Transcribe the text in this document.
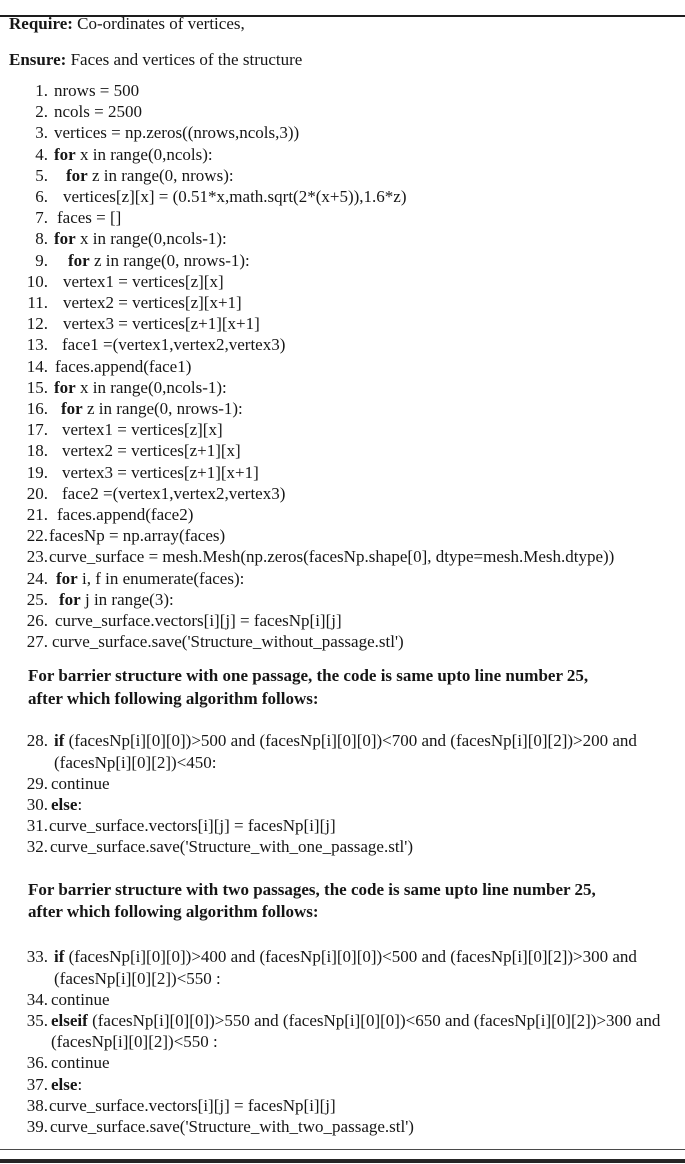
Require: Co-ordinates of vertices,

Ensure: Faces and vertices of the structure

1. nrows = 500
2. ncols = 2500
3. vertices = np.zeros((nrows,ncols,3))
4. for x in range(0,ncols):
5.	for z in range(0, nrows):
6. vertices[z][x] = (0.51*x,math.sqrt(2*(x+5)),1.6*z)
7. faces = []
8. for x in range(0,ncols-1):
9.	for z in range(0, nrows-1):
10. vertex1 = vertices[z][x]
11. vertex2 = vertices[z][x+1]
12. vertex3 = vertices[z+1][x+1]
13. face1 =(vertex1,vertex2,vertex3)
14. faces.append(face1)
15. for x in range(0,ncols-1):
16. for z in range(0, nrows-1):
17. vertex1 = vertices[z][x]
18. vertex2 = vertices[z+1][x]
19. vertex3 = vertices[z+1][x+1]
20. face2 =(vertex1,vertex2,vertex3)
21. faces.append(face2)
22. facesNp = np.array(faces)
23. curve_surface = mesh.Mesh(np.zeros(facesNp.shape[0], dtype=mesh.Mesh.dtype))
24. for i, f in enumerate(faces):
25. for j in range(3):
26. curve_surface.vectors[i][j] = facesNp[i][j]
27. curve_surface.save('Structure_without_passage.stl')

For barrier structure with one passage, the code is same upto line number 25,
after which following algorithm follows:

28. if (facesNp[i][0][0])>500 and (facesNp[i][0][0])<700 and (facesNp[i][0][2])>200 and (facesNp[i][0][2])<450:
29. continue
30. else:
31. curve_surface.vectors[i][j] = facesNp[i][j]
32. curve_surface.save('Structure_with_one_passage.stl')

For barrier structure with two passages, the code is same upto line number 25,
after which following algorithm follows:

33. if (facesNp[i][0][0])>400 and (facesNp[i][0][0])<500 and (facesNp[i][0][2])>300 and (facesNp[i][0][2])<550 :
34. continue
35. elseif (facesNp[i][0][0])>550 and (facesNp[i][0][0])<650 and (facesNp[i][0][2])>300 and (facesNp[i][0][2])<550 :
36. continue
37. else:
38. curve_surface.vectors[i][j] = facesNp[i][j]
39. curve_surface.save('Structure_with_two_passage.stl')
